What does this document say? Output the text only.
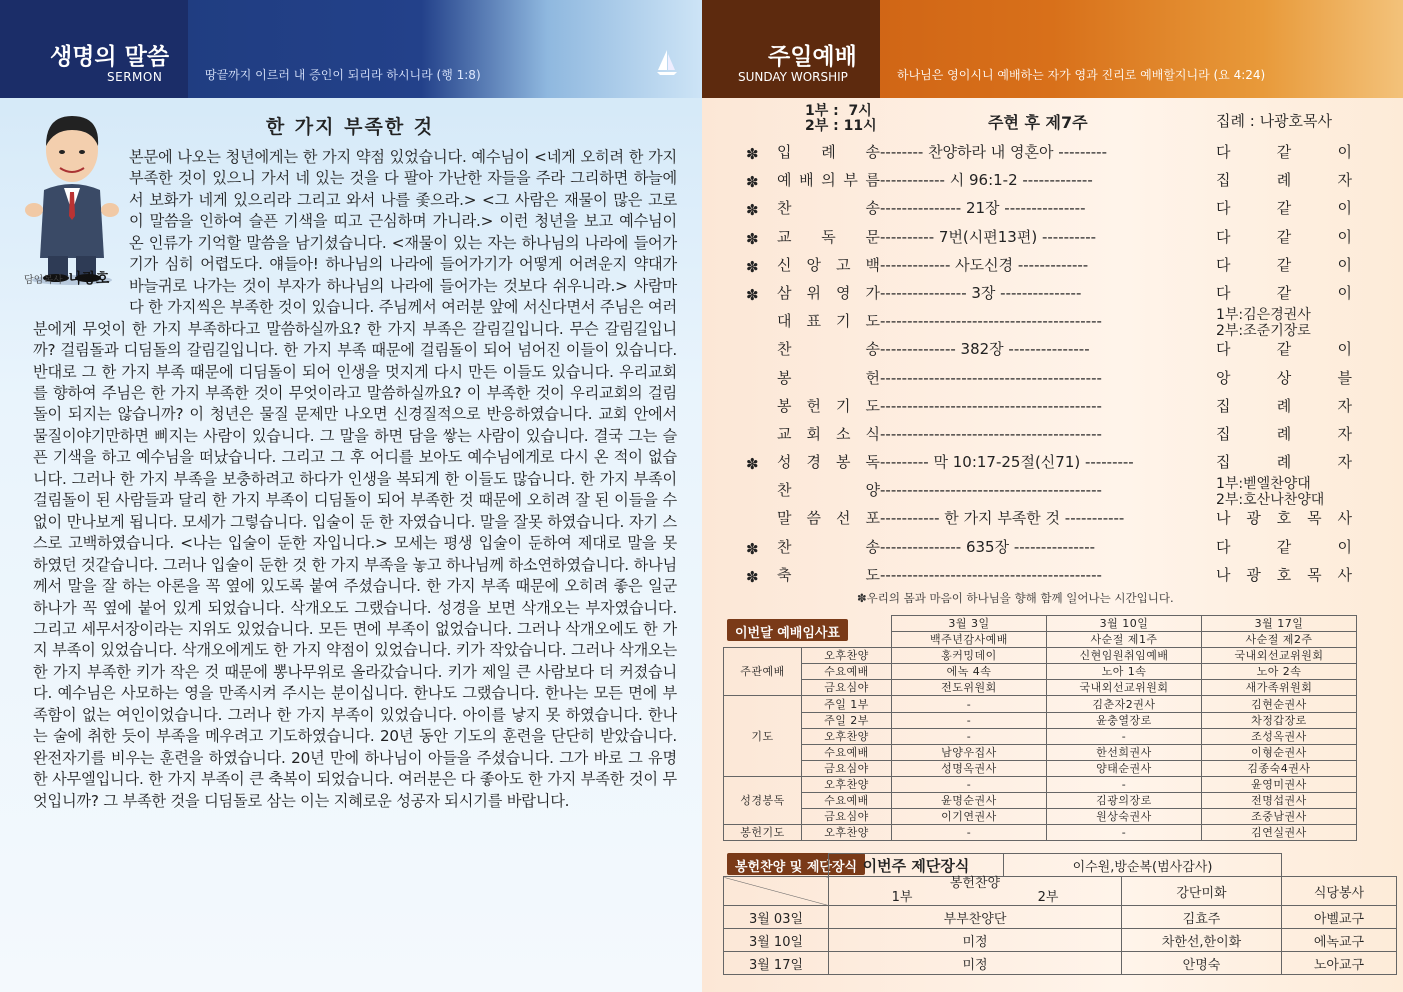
생명의 말씀
SERMON	땅끝까지 이르러 내 증인이 되리라 하시니라 (행 1:8)
담임목사 나광호
한 가지 부족한 것
본문에 나오는 청년에게는 한 가지 약점 있었습니다. 예수님이 <네게 오히려 한 가지 부족한 것이 있으니 가서 네 있는 것을 다 팔아 가난한 자들을 주라 그리하면 하늘에서 보화가 네게 있으리라 그리고 와서 나를 좇으라.> <그 사람은 재물이 많은 고로 이 말씀을 인하여 슬픈 기색을 띠고 근심하며 가니라.> 이런 청년을 보고 예수님이 온 인류가 기억할 말씀을 남기셨습니다. <재물이 있는 자는 하나님의 나라에 들어가기가 심히 어렵도다. 얘들아! 하나님의 나라에 들어가기가 어떻게 어려운지 약대가 바늘귀로 나가는 것이 부자가 하나님의 나라에 들어가는 것보다 쉬우니라.> 사람마다 한 가지씩은 부족한 것이 있습니다. 주님께서 여러분 앞에 서신다면서 주님은 여러분에게 무엇이 한 가지 부족하다고 말씀하실까요? 한 가지 부족은 갈림길입니다. 무슨 갈림길입니까? 걸림돌과 디딤돌의 갈림길입니다. 한 가지 부족 때문에 걸림돌이 되어 넘어진 이들이 있습니다. 반대로 그 한 가지 부족 때문에 디딤돌이 되어 인생을 멋지게 다시 만든 이들도 있습니다. 우리교회를 향하여 주님은 한 가지 부족한 것이 무엇이라고 말씀하실까요? 이 부족한 것이 우리교회의 걸림돌이 되지는 않습니까? 이 청년은 물질 문제만 나오면 신경질적으로 반응하였습니다. 교회 안에서 물질이야기만하면 삐지는 사람이 있습니다. 그 말을 하면 담을 쌓는 사람이 있습니다. 결국 그는 슬픈 기색을 하고 예수님을 떠났습니다. 그리고 그 후 어디를 보아도 예수님에게로 다시 온 적이 없습니다. 그러나 한 가지 부족을 보충하려고 하다가 인생을 복되게 한 이들도 많습니다. 한 가지 부족이 걸림돌이 된 사람들과 달리 한 가지 부족이 디딤돌이 되어 부족한 것 때문에 오히려 잘 된 이들을 수 없이 만나보게 됩니다. 모세가 그렇습니다. 입술이 둔 한 자였습니다. 말을 잘못 하였습니다. 자기 스스로 고백하였습니다. <나는 입술이 둔한 자입니다.> 모세는 평생 입술이 둔하여 제대로 말을 못 하였던 것같습니다. 그러나 입술이 둔한 것 한 가지 부족을 놓고 하나님께 하소연하였습니다. 하나님께서 말을 잘 하는 아론을 꼭 옆에 있도록 붙여 주셨습니다. 한 가지 부족 때문에 오히려 좋은 일군 하나가 꼭 옆에 붙어 있게 되었습니다. 삭개오도 그랬습니다. 성경을 보면 삭개오는 부자였습니다. 그리고 세무서장이라는 지위도 있었습니다. 모든 면에 부족이 없었습니다. 그러나 삭개오에도 한 가지 부족이 있었습니다. 삭개오에게도 한 가지 약점이 있었습니다. 키가 작았습니다. 그러나 삭개오는 한 가지 부족한 키가 작은 것 때문에 뽕나무위로 올라갔습니다. 키가 제일 큰 사람보다 더 커졌습니다. 예수님은 사모하는 영을 만족시켜 주시는 분이십니다. 한나도 그랬습니다. 한나는 모든 면에 부족함이 없는 여인이었습니다. 그러나 한 가지 부족이 있었습니다. 아이를 낳지 못 하였습니다. 한나는 술에 취한 듯이 부족을 메우려고 기도하였습니다. 20년 동안 기도의 훈련을 단단히 받았습니다. 완전자기를 비우는 훈련을 하였습니다. 20년 만에 하나님이 아들을 주셨습니다. 그가 바로 그 유명한 사무엘입니다. 한 가지 부족이 큰 축복이 되었습니다. 여러분은 다 좋아도 한 가지 부족한 것이 무엇입니까? 그 부족한 것을 디딤돌로 삼는 이는 지혜로운 성공자 되시기를 바랍니다.
주일예배
SUNDAY WORSHIP	하나님은 영이시니 예배하는 자가 영과 진리로 예배할지니라 (요 4:24)
1부 :  7시
2부 : 11시	주현 후 제7주	집례 : 나광호목사
✽ 입 례 송 -------- 찬양하라 내 영혼아 ---------	다	같	이
✽ 예 배 의 부 름 ------------ 시 96:1-2 -------------	집	례	자
✽ 찬	송 --------------- 21장 ---------------	다	같	이
✽ 교 독 문 ---------- 7번(시편13편) ----------	다	같	이
✽ 신 앙 고 백 ------------- 사도신경 -------------	다	같	이
✽ 삼 위 영 가 ---------------- 3장 ---------------	다	같	이
대 표 기 도 -----------------------------------------	1부:김은경권사
2부:조준기장로
찬	송 -------------- 382장 ---------------	다	같	이
봉	헌 -----------------------------------------	앙	상	블
봉 헌 기 도 -----------------------------------------	집	례	자
교 회 소 식 -----------------------------------------	집	례	자
✽ 성 경 봉 독 --------- 막 10:17-25절(신71) ---------	집	례	자
찬	양 -----------------------------------------	1부:벧엘찬양대
2부:호산나찬양대
말 씀 선 포 ----------- 한 가지 부족한 것 -----------	나 광 호 목 사
✽ 찬	송 --------------- 635장 ---------------	다	같	이
✽ 축	도 -----------------------------------------	나 광 호 목 사
✽우리의 몸과 마음이 하나님을 향해 함께 일어나는 시간입니다.
이번달 예배임사표
		3월 3일	3월 10일	3월 17일
		백주년감사예배	사순절 제1주	사순절 제2주
주관예배	오후찬양	홍커밍데이	신현임원취임예배	국내외선교위원회
	수요예배	에녹 4속	노아 1속	노아 2속
	금요심야	전도위원회	국내외선교위원회	새가족위원회
기도	주일 1부	-	김춘자2권사	김현순권사
	주일 2부	-	윤충열장로	차정갑장로
	오후찬양	-	-	조성옥권사
	수요예배	남양우집사	한선희권사	이형순권사
	금요심야	성명옥권사	양태순권사	김종숙4권사
성경봉독	오후찬양	-	-	윤영미권사
	수요예배	윤명순권사	김광의장로	전명섭권사
	금요심야	이기연권사	원상숙권사	조중남권사
봉헌기도	오후찬양	-	-	김연실권사
봉헌찬양 및 제단장식
	이번주 제단장식	이수원,방순복(범사감사)		

	봉헌찬양
1부 2부		강단미화	식당봉사
3월 03일	부부찬양단		김효주	아벨교구
3월 10일	미정		차한선,한이화	에녹교구
3월 17일	미정		안명숙	노아교구
